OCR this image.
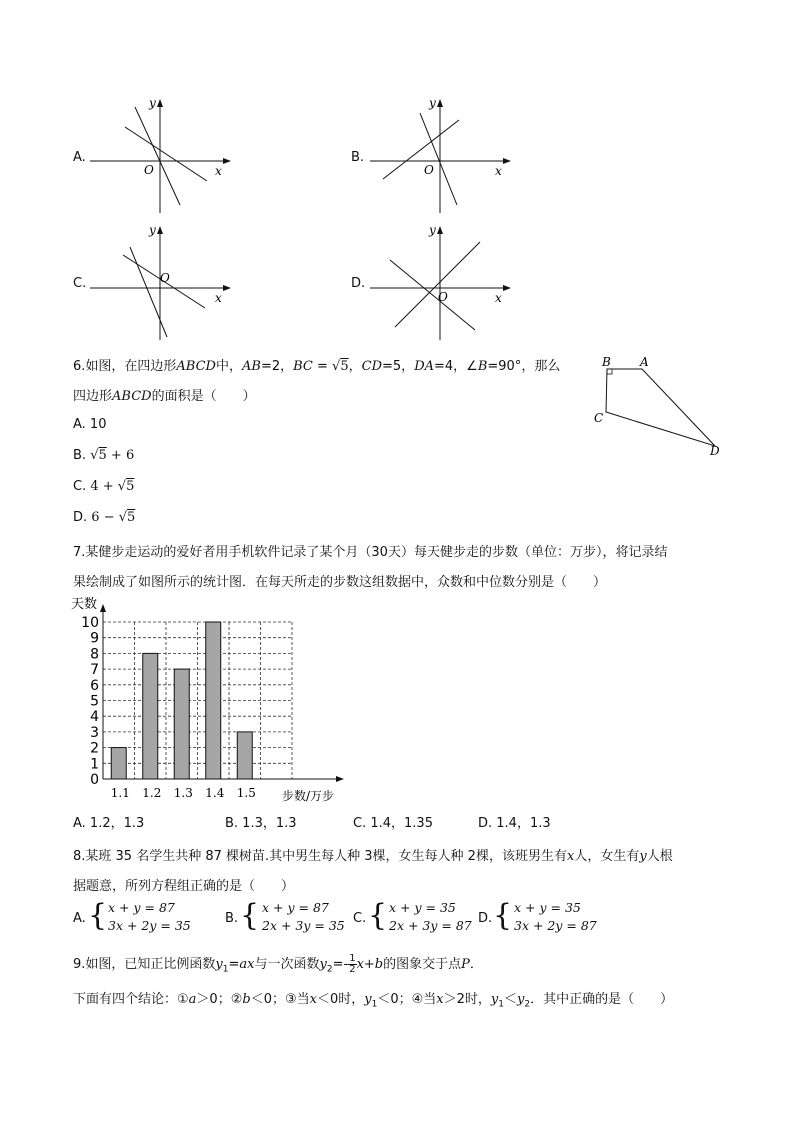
A.
y
O	x
B.
y
O	x
C.
y
O
x
D.
y
O	x
6.如图，在四边形ABCD中，AB=2，BC = √5，CD=5，DA=4，∠B=90°，那么
四边形ABCD的面积是（　　）
B A
C
D
A. 10
B. √5 + 6
C. 4 + √5
D. 6 − √5
7.某健步走运动的爱好者用手机软件记录了某个月（30天）每天健步走的步数（单位：万步），将记录结
果绘制成了如图所示的统计图．在每天所走的步数这组数据中，众数和中位数分别是（　　）
1.1 1.2 1.3 1.4 1.5
0
1
2
3
4
5
6
7
8
9
10
天数
步数/万步
A. 1.2，1.3	B. 1.3，1.3	C. 1.4，1.35	D. 1.4，1.3
8.某班 35 名学生共种 87 棵树苗.其中男生每人种 3棵，女生每人种 2棵，该班男生有x人，女生有y人根
据题意，所列方程组正确的是（　　）
A. { x + y = 87
3x + 2y = 35	B. { x + y = 87
2x + 3y = 35 C. { x + y = 35
2x + 3y = 87 D. { x + y = 35
3x + 2y = 87
9.如图，已知正比例函数$y_1=ax$与一次函数$y_2=- \frac{1}{2} x+b$的图象交于点P．
下面有四个结论：①a＞0；②b＜0；③当x＜0时，$y_1<0$；④当x＞2时，$y_1<y_2$．其中正确的是（　　）
